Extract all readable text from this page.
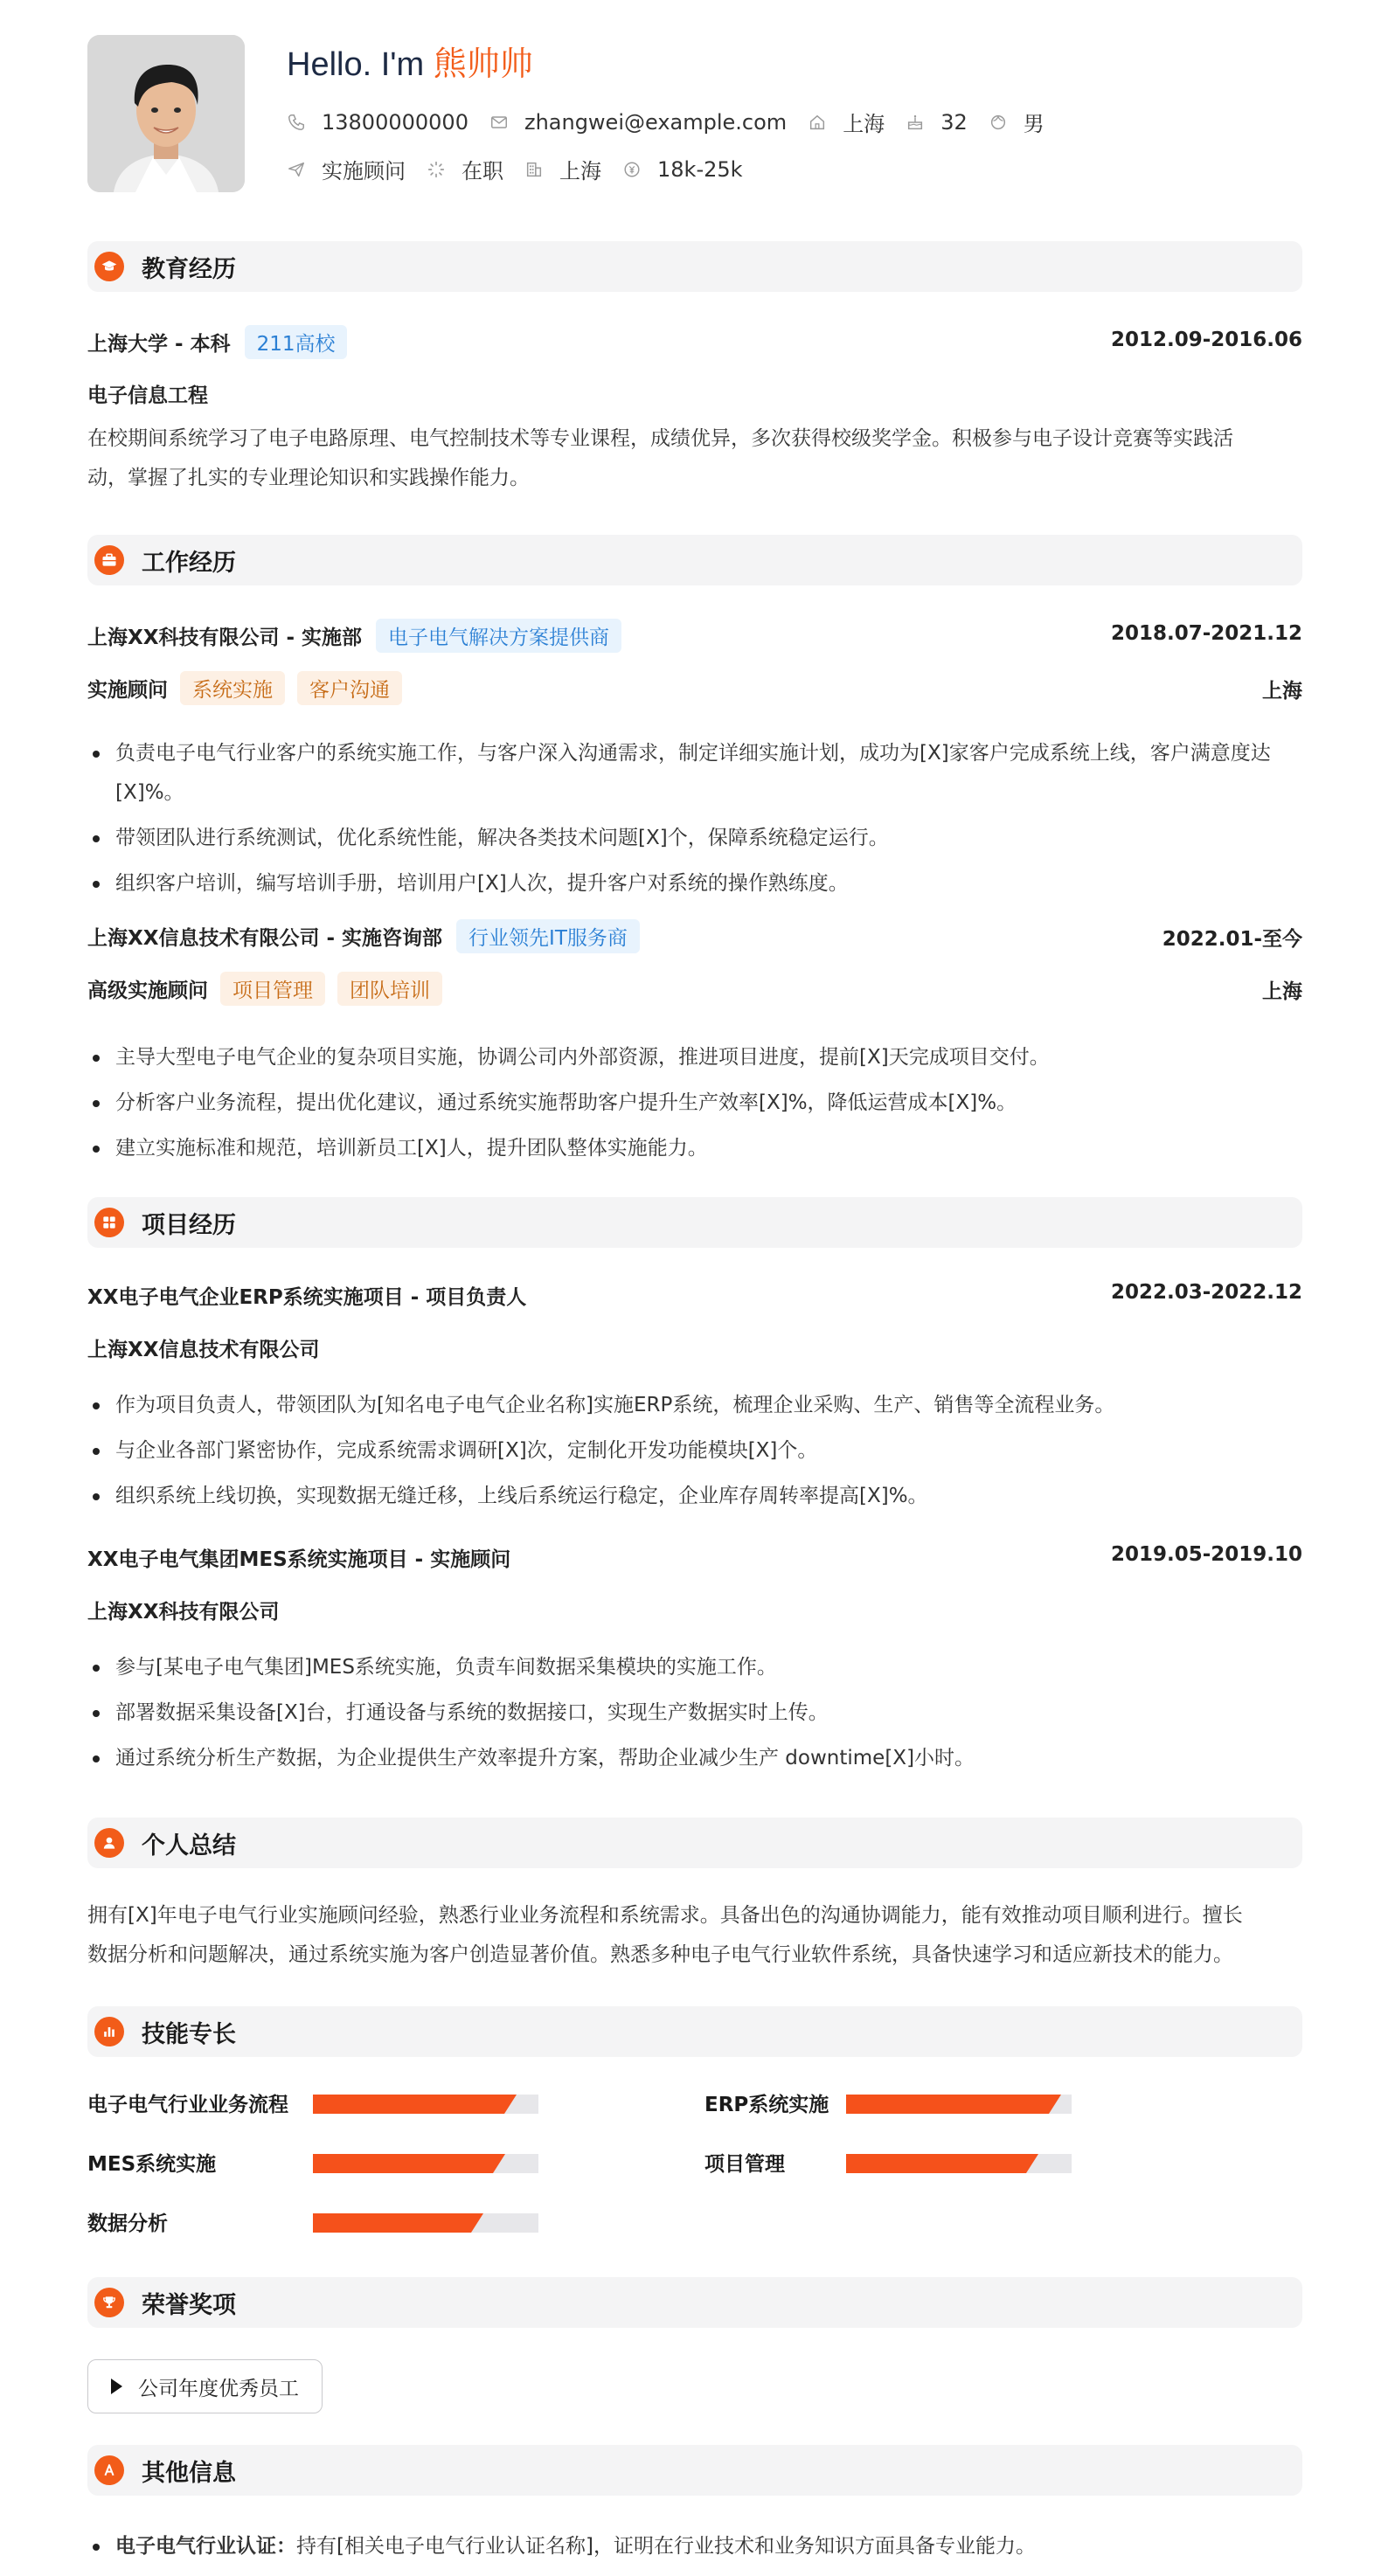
Hello. I'm 熊帅帅
13800000000	zhangwei@example.com	上海	32	男
实施顾问	在职	上海	18k-25k
教育经历
上海大学 - 本科 211高校	2012.09-2016.06
电子信息工程
在校期间系统学习了电子电路原理、电气控制技术等专业课程，成绩优异，多次获得校级奖学金。积极参与电子设计竞赛等实践活
动，掌握了扎实的专业理论知识和实践操作能力。
工作经历
上海XX科技有限公司 - 实施部 电子电气解决方案提供商	2018.07-2021.12
实施顾问 系统实施 客户沟通	上海
负责电子电气行业客户的系统实施工作，与客户深入沟通需求，制定详细实施计划，成功为[X]家客户完成系统上线，客户满意度达[X]%。
带领团队进行系统测试，优化系统性能，解决各类技术问题[X]个，保障系统稳定运行。
组织客户培训，编写培训手册，培训用户[X]人次，提升客户对系统的操作熟练度。
上海XX信息技术有限公司 - 实施咨询部 行业领先IT服务商	2022.01-至今
高级实施顾问 项目管理 团队培训	上海
主导大型电子电气企业的复杂项目实施，协调公司内外部资源，推进项目进度，提前[X]天完成项目交付。
分析客户业务流程，提出优化建议，通过系统实施帮助客户提升生产效率[X]%，降低运营成本[X]%。
建立实施标准和规范，培训新员工[X]人，提升团队整体实施能力。
项目经历
XX电子电气企业ERP系统实施项目 - 项目负责人	2022.03-2022.12
上海XX信息技术有限公司
作为项目负责人，带领团队为[知名电子电气企业名称]实施ERP系统，梳理企业采购、生产、销售等全流程业务。
与企业各部门紧密协作，完成系统需求调研[X]次，定制化开发功能模块[X]个。
组织系统上线切换，实现数据无缝迁移，上线后系统运行稳定，企业库存周转率提高[X]%。
XX电子电气集团MES系统实施项目 - 实施顾问	2019.05-2019.10
上海XX科技有限公司
参与[某电子电气集团]MES系统实施，负责车间数据采集模块的实施工作。
部署数据采集设备[X]台，打通设备与系统的数据接口，实现生产数据实时上传。
通过系统分析生产数据，为企业提供生产效率提升方案，帮助企业减少生产 downtime[X]小时。
个人总结
拥有[X]年电子电气行业实施顾问经验，熟悉行业业务流程和系统需求。具备出色的沟通协调能力，能有效推动项目顺利进行。擅长
数据分析和问题解决，通过系统实施为客户创造显著价值。熟悉多种电子电气行业软件系统，具备快速学习和适应新技术的能力。
技能专长
电子电气行业业务流程	ERP系统实施
MES系统实施	项目管理
数据分析
荣誉奖项
公司年度优秀员工
其他信息
电子电气行业认证：持有[相关电子电气行业认证名称]，证明在行业技术和业务知识方面具备专业能力。
